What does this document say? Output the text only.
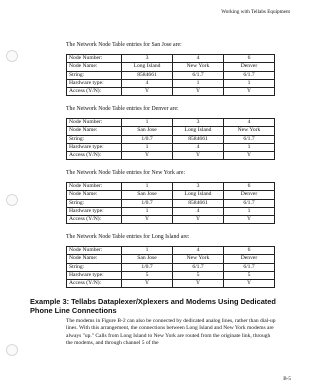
Working with Tellabs Equipment
The Network Node Table entries for San Jose are:
Node Number:	3	4	6
Node Name:	Long Island	New York	Denver
String:	8584661	6/1.7	6/1.7
Hardware type:	4	1	1
Access (Y/N):	Y	Y	Y
The Network Node Table entries for Denver are:
Node Number:	1	3	4
Node Name:	San Jose	Long Island	New York
String:	1/0.7	8584661	6/1.7
Hardware type:	1	4	1
Access (Y/N):	Y	Y	Y
The Network Node Table entries for New York are:
Node Number:	1	3	6
Node Name:	San Jose	Long Island	Denver
String:	1/0.7	8584661	6/1.7
Hardware type:	1	4	1
Access (Y/N):	Y	Y	Y
The Network Node Table entries for Long Island are:
Node Number:	1	4	6
Node Name:	San Jose	New York	Denver
String:	1/0.7	6/1.7	6/1.7
Hardware type:	5	5	5
Access (Y/N):	Y	Y	Y
Example 3: Tellabs Dataplexer/Xplexers and Modems Using Dedicated Phone Line Connections
The modems in Figure B-2 can also be connected by dedicated analog lines, rather than dial-up lines. With this arrangement, the connections between Long Island and New York modems are always "up." Calls from Long Island to New York are routed from the originate link, through the modems, and through channel 5 of the
B-5
